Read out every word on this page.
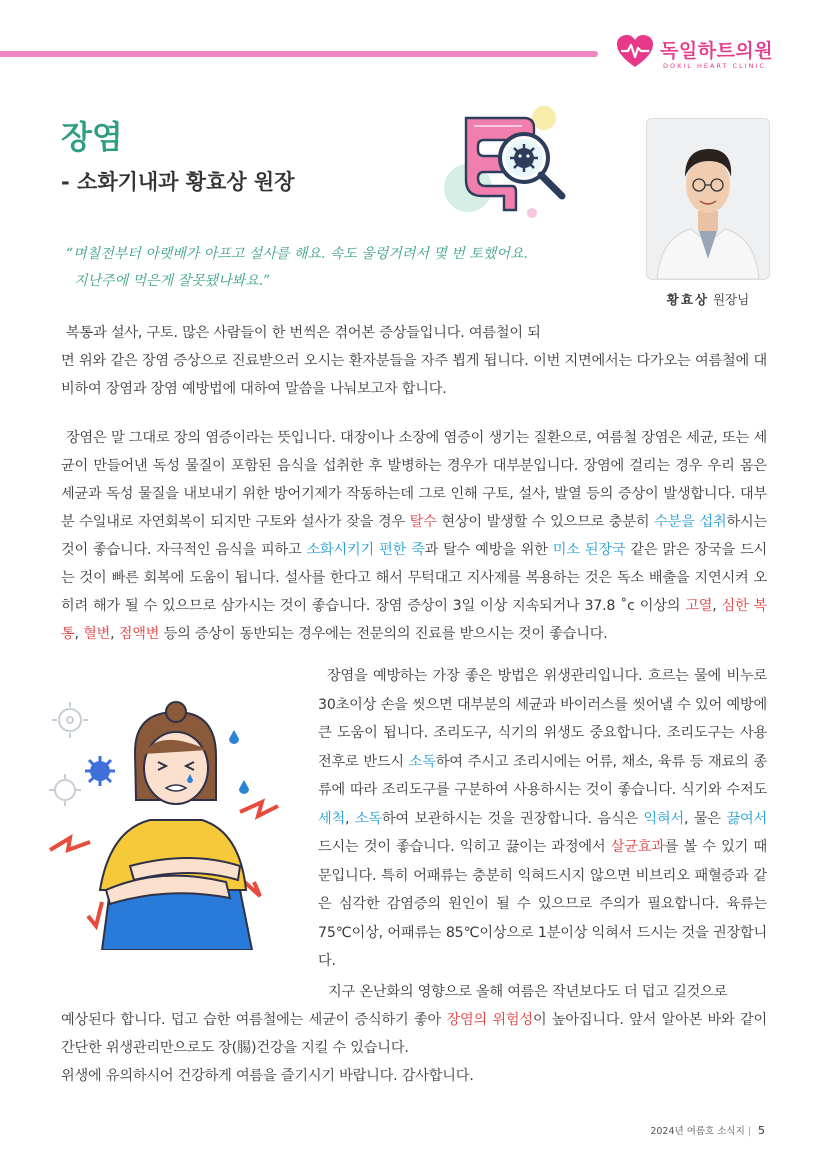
독일하트의원
DOKIL HEART CLINIC
장염
- 소화기내과 황효상 원장
황효상 원장님

“며칠전부터 아랫배가 아프고 설사를 해요. 속도 울렁거려서 몇 번 토했어요.

지난주에 먹은게 잘못됐나봐요.”

복통과 설사, 구토. 많은 사람들이 한 번씩은 겪어본 증상들입니다. 여름철이 되

면 위와 같은 장염 증상으로 진료받으러 오시는 환자분들을 자주 뵙게 됩니다. 이번 지면에서는 다가오는 여름철에 대비하여 장염과 장염 예방법에 대하여 말씀을 나눠보고자 합니다.

장염은 말 그대로 장의 염증이라는 뜻입니다. 대장이나 소장에 염증이 생기는 질환으로, 여름철 장염은 세균, 또는 세균이 만들어낸 독성 물질이 포함된 음식을 섭취한 후 발병하는 경우가 대부분입니다. 장염에 걸리는 경우 우리 몸은 세균과 독성 물질을 내보내기 위한 방어기제가 작동하는데 그로 인해 구토, 설사, 발열 등의 증상이 발생합니다. 대부분 수일내로 자연회복이 되지만 구토와 설사가 잦을 경우 탈수 현상이 발생할 수 있으므로 충분히 수분을 섭취하시는 것이 좋습니다. 자극적인 음식을 피하고 소화시키기 편한 죽과 탈수 예방을 위한 미소 된장국 같은 맑은 장국을 드시는 것이 빠른 회복에 도움이 됩니다. 설사를 한다고 해서 무턱대고 지사제를 복용하는 것은 독소 배출을 지연시켜 오히려 해가 될 수 있으므로 삼가시는 것이 좋습니다. 장염 증상이 3일 이상 지속되거나 37.8 ˚c 이상의 고열, 심한 복통, 혈변, 점액변 등의 증상이 동반되는 경우에는 전문의의 진료를 받으시는 것이 좋습니다.

장염을 예방하는 가장 좋은 방법은 위생관리입니다. 흐르는 물에 비누로 30초이상 손을 씻으면 대부분의 세균과 바이러스를 씻어낼 수 있어 예방에 큰 도움이 됩니다. 조리도구, 식기의 위생도 중요합니다. 조리도구는 사용 전후로 반드시 소독하여 주시고 조리시에는 어류, 채소, 육류 등 재료의 종류에 따라 조리도구를 구분하여 사용하시는 것이 좋습니다. 식기와 수저도 세척, 소독하여 보관하시는 것을 권장합니다. 음식은 익혀서, 물은 끓여서 드시는 것이 좋습니다. 익히고 끓이는 과정에서 살균효과를 볼 수 있기 때문입니다. 특히 어패류는 충분히 익혀드시지 않으면 비브리오 패혈증과 같은 심각한 감염증의 원인이 될 수 있으므로 주의가 필요합니다. 육류는 75℃이상, 어패류는 85℃이상으로 1분이상 익혀서 드시는 것을 권장합니다.

지구 온난화의 영향으로 올해 여름은 작년보다도 더 덥고 길것으로

예상된다 합니다. 덥고 습한 여름철에는 세균이 증식하기 좋아 장염의 위험성이 높아집니다. 앞서 알아본 바와 같이 간단한 위생관리만으로도 장(腸)건강을 지킬 수 있습니다.

위생에 유의하시어 건강하게 여름을 즐기시기 바랍니다. 감사합니다.

2024년 여름호 소식지 | 5
